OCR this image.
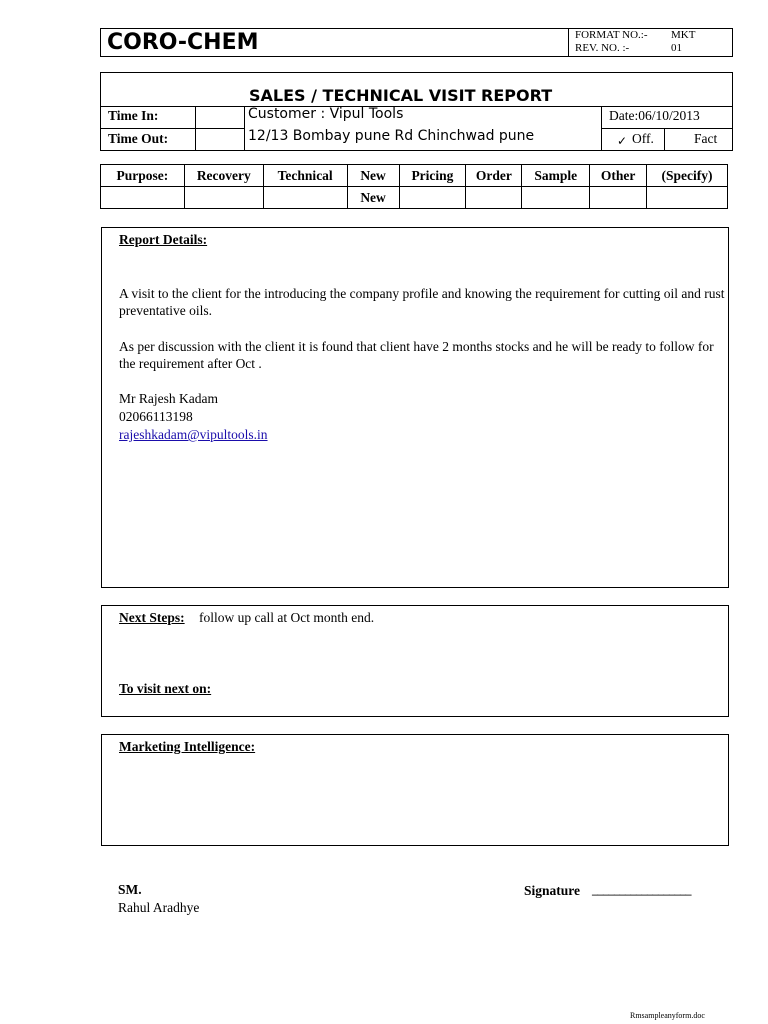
CORO-CHEM	FORMAT NO.:- MKT
REV. NO. :-	01
SALES / TECHNICAL VISIT REPORT
Time In:
Time Out:
Customer : Vipul Tools
12/13 Bombay pune Rd Chinchwad pune
Date:06/10/2013
✓ Off.	Fact
Purpose:	Recovery	Technical	New	Pricing	Order	Sample	Other	(Specify)
			New					
Report Details:
A visit to the client for the introducing the company profile and knowing the requirement for cutting oil and rust preventative oils.
As per discussion with the client it is found that client have 2 months stocks and he will be ready to follow for the requirement after Oct .
Mr Rajesh Kadam
02066113198
rajeshkadam@vipultools.in
Next Steps: follow up call at Oct month end.
To visit next on:
Marketing Intelligence:
SM.
Rahul Aradhye
Signature __________________
Rmsampleanyform.doc
